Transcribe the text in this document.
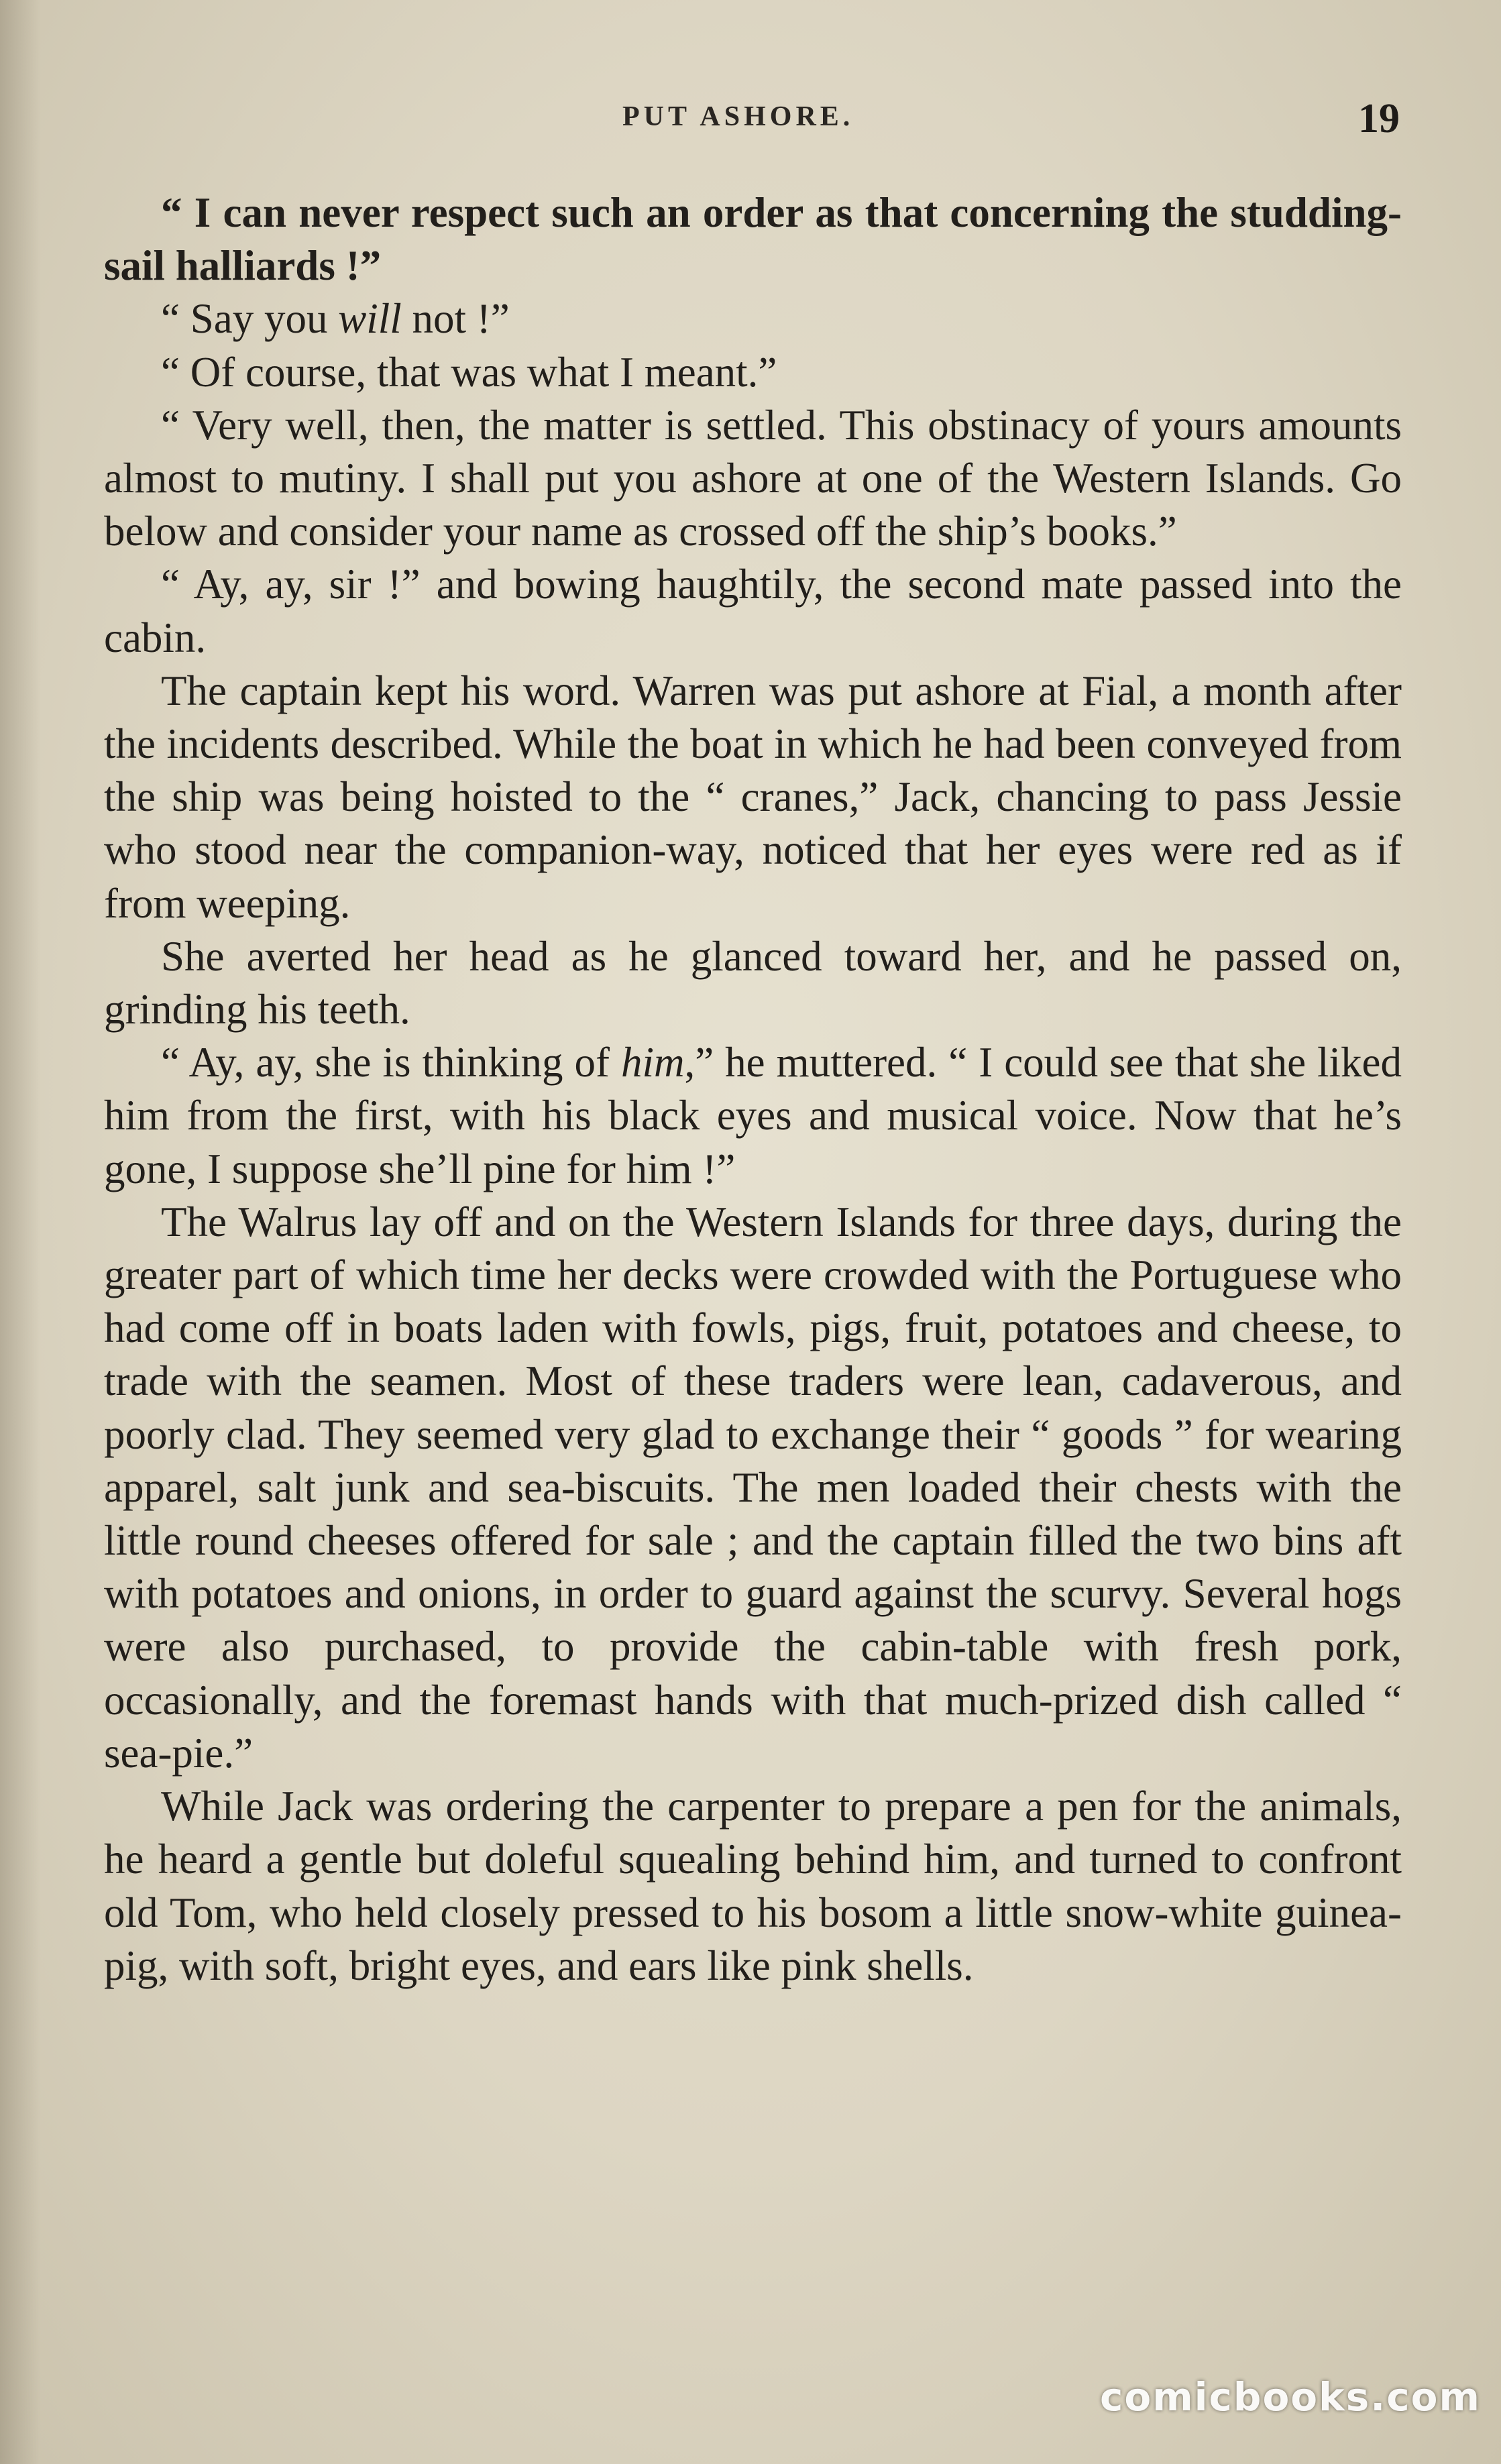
PUT ASHORE.	19

“ I can never respect such an order as that concerning the studding-sail halliards !”

“ Say you will not !”

“ Of course, that was what I meant.”

“ Very well, then, the matter is settled. This obstinacy of yours amounts almost to mutiny. I shall put you ashore at one of the Western Islands. Go below and consider your name as crossed off the ship’s books.”

“ Ay, ay, sir !” and bowing haughtily, the second mate passed into the cabin.

The captain kept his word. Warren was put ashore at Fial, a month after the incidents described. While the boat in which he had been conveyed from the ship was being hoisted to the “ cranes,” Jack, chancing to pass Jessie who stood near the companion-way, noticed that her eyes were red as if from weeping.

She averted her head as he glanced toward her, and he passed on, grinding his teeth.

“ Ay, ay, she is thinking of him,” he muttered. “ I could see that she liked him from the first, with his black eyes and musical voice. Now that he’s gone, I suppose she’ll pine for him !”

The Walrus lay off and on the Western Islands for three days, during the greater part of which time her decks were crowded with the Portuguese who had come off in boats laden with fowls, pigs, fruit, potatoes and cheese, to trade with the seamen. Most of these traders were lean, cadaverous, and poorly clad. They seemed very glad to exchange their “ goods ” for wearing apparel, salt junk and sea-biscuits. The men loaded their chests with the little round cheeses offered for sale ; and the captain filled the two bins aft with potatoes and onions, in order to guard against the scurvy. Several hogs were also purchased, to provide the cabin-table with fresh pork, occasionally, and the foremast hands with that much-prized dish called “ sea-pie.”

While Jack was ordering the carpenter to prepare a pen for the animals, he heard a gentle but doleful squealing behind him, and turned to confront old Tom, who held closely pressed to his bosom a little snow-white guinea-pig, with soft, bright eyes, and ears like pink shells.

comicbooks.com
